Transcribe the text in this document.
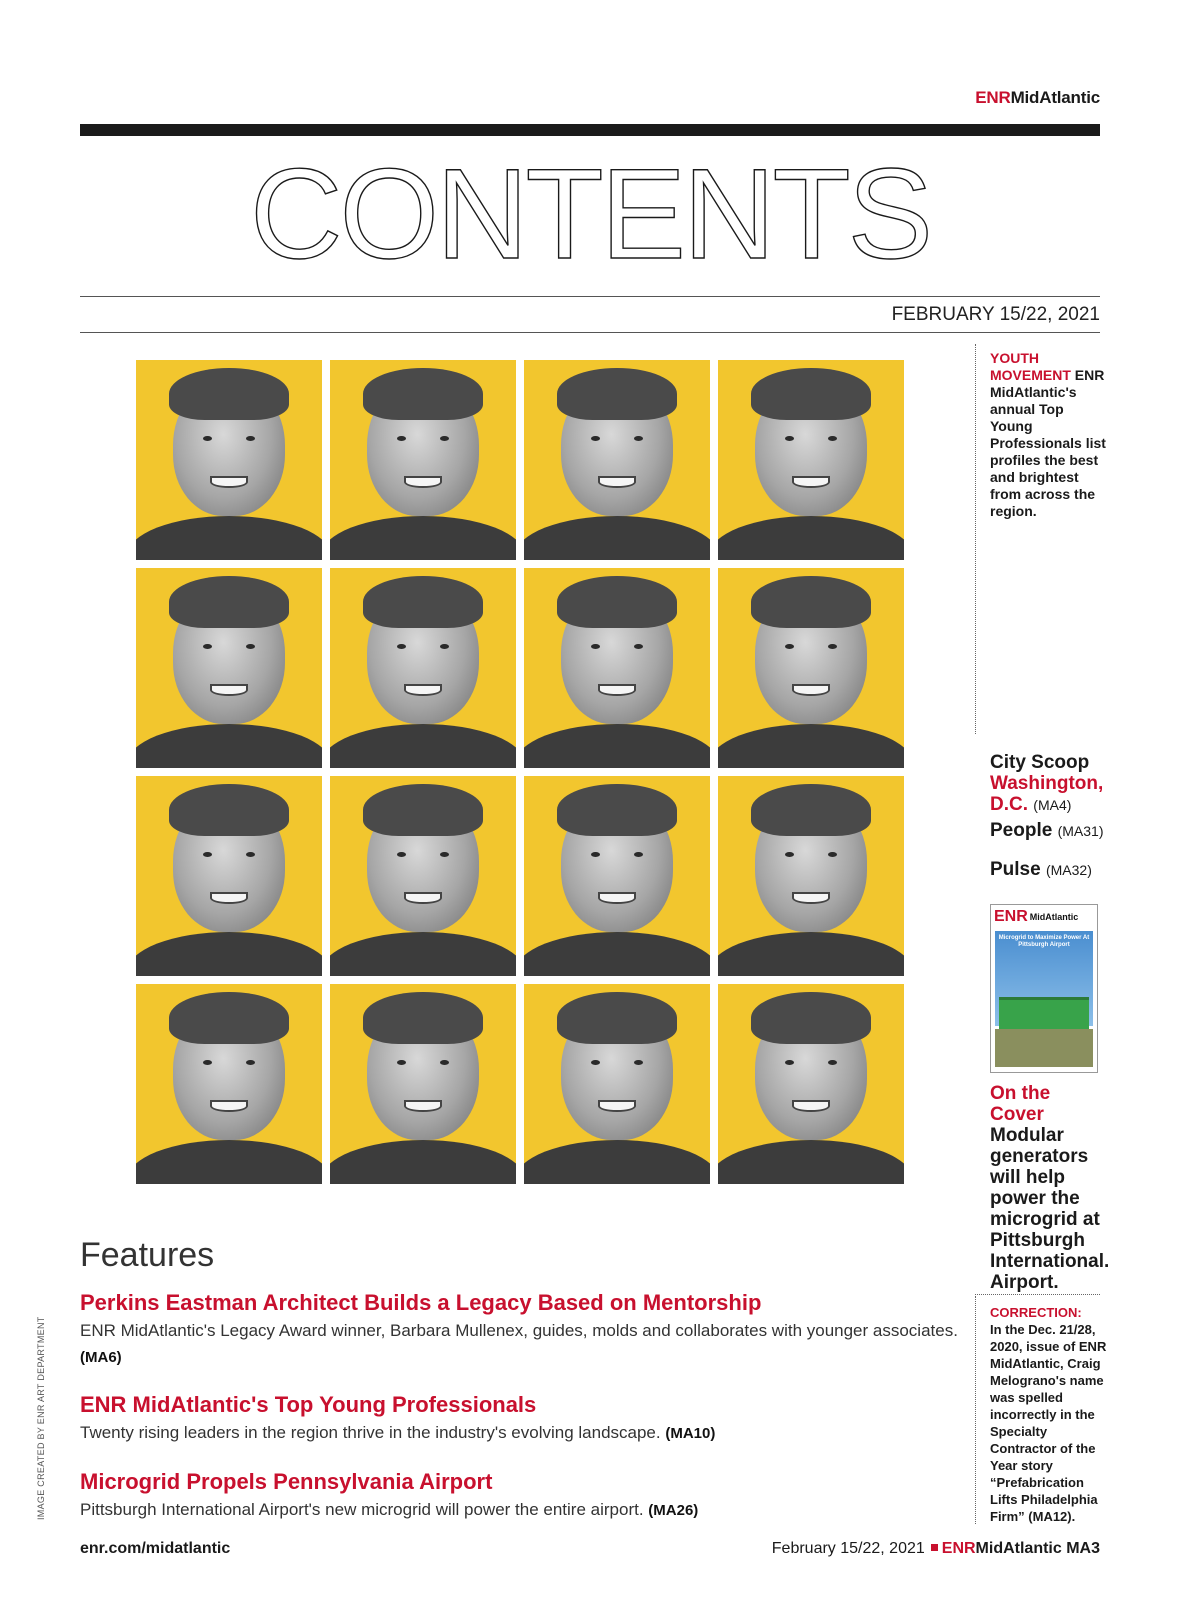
ENRMidAtlantic
CONTENTS
FEBRUARY 15/22, 2021
YOUTH MOVEMENT ENR MidAtlantic's annual Top Young Professionals list profiles the best and brightest from across the region.
City Scoop
Washington, D.C. (MA4)
People (MA31)
Pulse (MA32)
ENR MidAtlantic
Microgrid to Maximize Power At Pittsburgh Airport
On the Cover
Modular generators will help power the microgrid at Pittsburgh International. Airport.
CORRECTION:
In the Dec. 21/28, 2020, issue of ENR MidAtlantic, Craig Melograno's name was spelled incorrectly in the Specialty Contractor of the Year story “Prefabrication Lifts Philadelphia Firm” (MA12).
Features
Perkins Eastman Architect Builds a Legacy Based on Mentorship

ENR MidAtlantic's Legacy Award winner, Barbara Mullenex, guides, molds and collaborates with younger associates. (MA6)

ENR MidAtlantic's Top Young Professionals

Twenty rising leaders in the region thrive in the industry's evolving landscape. (MA10)

Microgrid Propels Pennsylvania Airport

Pittsburgh International Airport's new microgrid will power the entire airport. (MA26)

IMAGE CREATED BY ENR ART DEPARTMENT
enr.com/midatlantic	February 15/22, 2021 ENRMidAtlantic MA3
